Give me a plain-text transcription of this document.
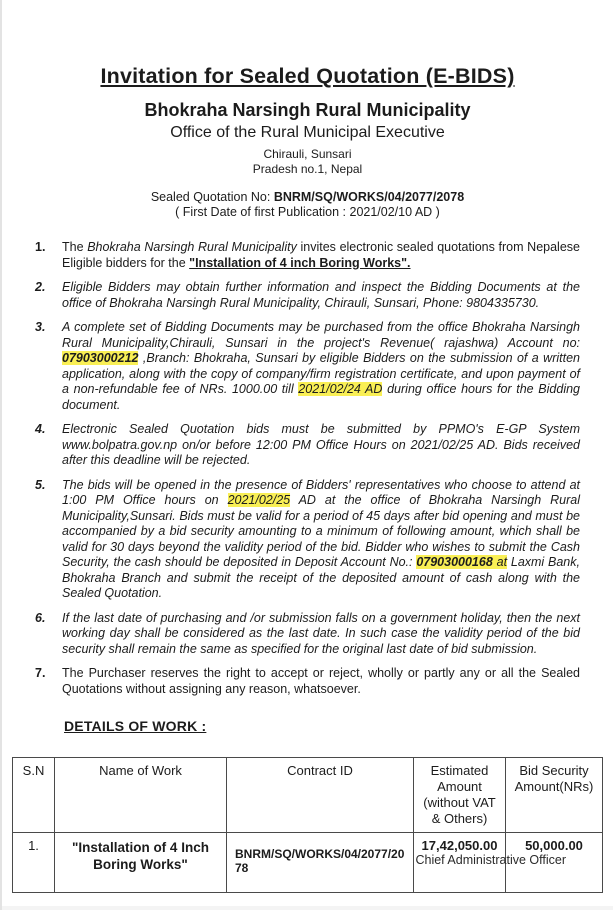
Invitation for Sealed Quotation (E-BIDS)
Bhokraha Narsingh Rural Municipality
Office of the Rural Municipal Executive
Chirauli, Sunsari
Pradesh no.1, Nepal
Sealed Quotation No: BNRM/SQ/WORKS/04/2077/2078
( First Date of first Publication : 2021/02/10 AD )
1.	The Bhokraha Narsingh Rural Municipality invites electronic sealed quotations from Nepalese Eligible bidders for the "Installation of 4 inch Boring Works".
2.	Eligible Bidders may obtain further information and inspect the Bidding Documents at the office of Bhokraha Narsingh Rural Municipality, Chirauli, Sunsari, Phone: 9804335730.
3.	A complete set of Bidding Documents may be purchased from the office Bhokraha Narsingh Rural Municipality,Chirauli, Sunsari in the project's Revenue( rajashwa) Account no: 07903000212 ,Branch: Bhokraha, Sunsari by eligible Bidders on the submission of a written application, along with the copy of company/firm registration certificate, and upon payment of a non-refundable fee of NRs. 1000.00 till 2021/02/24 AD during office hours for the Bidding document.
4.	Electronic Sealed Quotation bids must be submitted by PPMO's E-GP System www.bolpatra.gov.np on/or before 12:00 PM Office Hours on 2021/02/25 AD. Bids received after this deadline will be rejected.
5.	The bids will be opened in the presence of Bidders' representatives who choose to attend at 1:00 PM Office hours on 2021/02/25 AD at the office of Bhokraha Narsingh Rural Municipality,Sunsari. Bids must be valid for a period of 45 days after bid opening and must be accompanied by a bid security amounting to a minimum of following amount, which shall be valid for 30 days beyond the validity period of the bid. Bidder who wishes to submit the Cash Security, the cash should be deposited in Deposit Account No.: 07903000168 at Laxmi Bank, Bhokraha Branch and submit the receipt of the deposited amount of cash along with the Sealed Quotation.
6.	If the last date of purchasing and /or submission falls on a government holiday, then the next working day shall be considered as the last date. In such case the validity period of the bid security shall remain the same as specified for the original last date of bid submission.
7.	The Purchaser reserves the right to accept or reject, wholly or partly any or all the Sealed Quotations without assigning any reason, whatsoever.
DETAILS OF WORK :
S.N	Name of Work	Contract ID	Estimated Amount (without VAT & Others)	Bid Security Amount(NRs)
1.	"Installation of 4 Inch Boring Works"	BNRM/SQ/WORKS/04/2077/2078	17,42,050.00	50,000.00
Chief Administrative Officer
